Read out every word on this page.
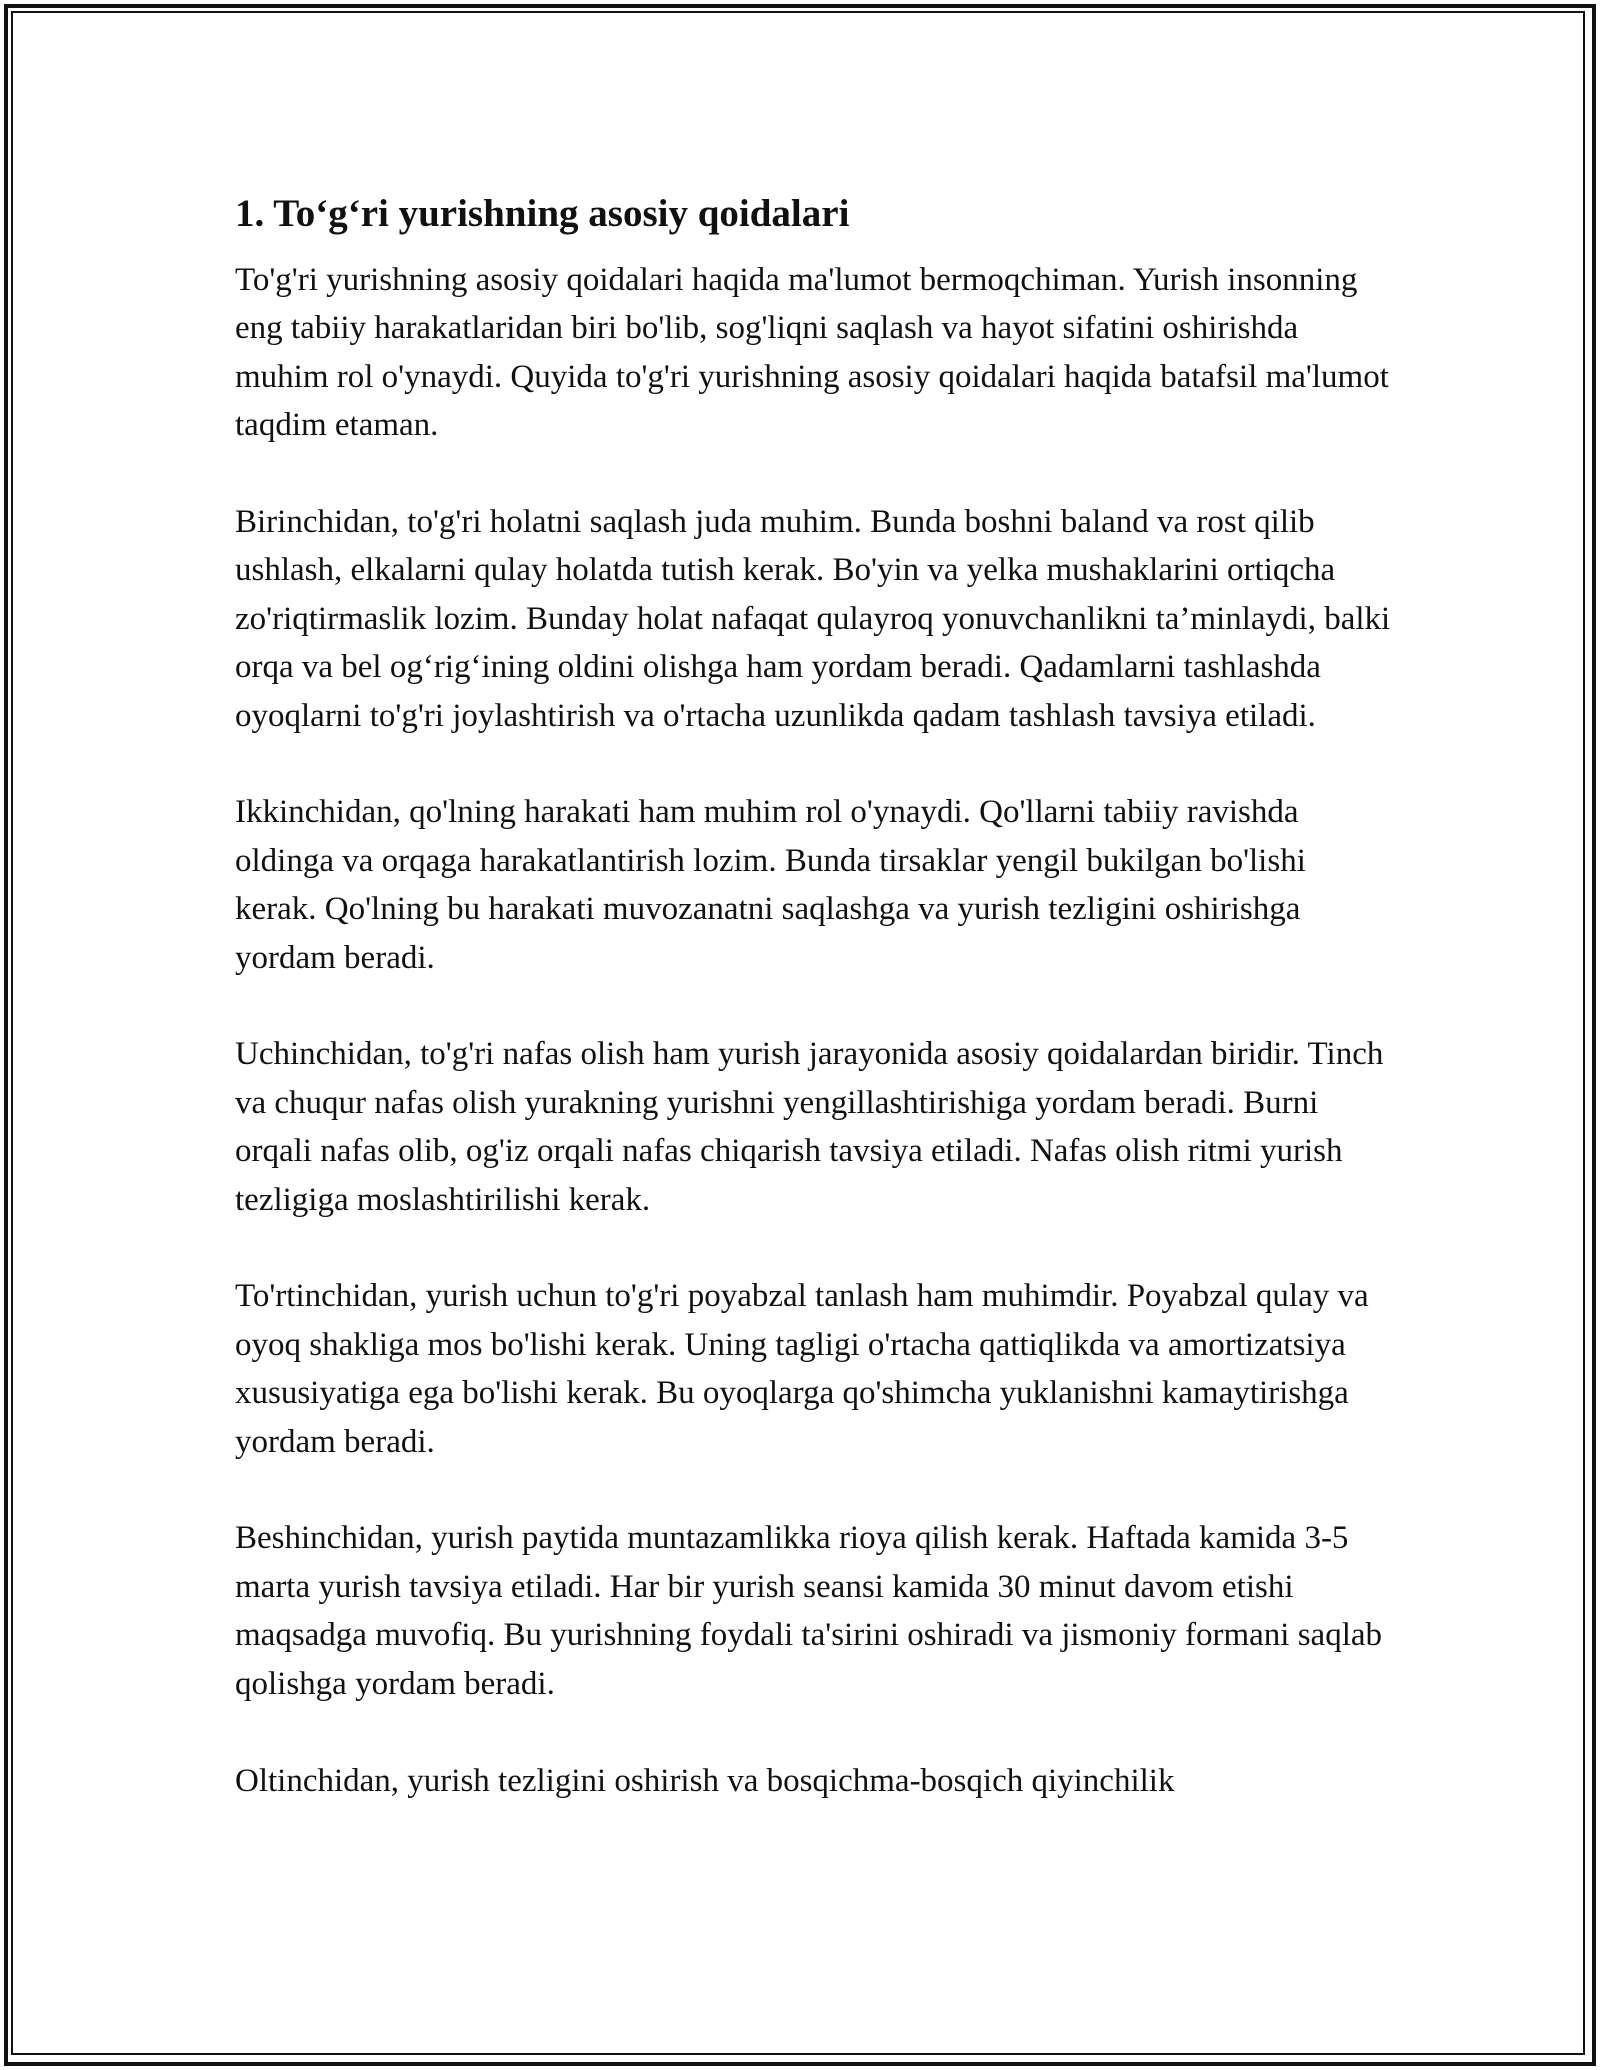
1. To‘g‘ri yurishning asosiy qoidalari

To'g'ri yurishning asosiy qoidalari haqida ma'lumot bermoqchiman. Yurish insonning eng tabiiy harakatlaridan biri bo'lib, sog'liqni saqlash va hayot sifatini oshirishda muhim rol o'ynaydi. Quyida to'g'ri yurishning asosiy qoidalari haqida batafsil ma'lumot taqdim etaman.

Birinchidan, to'g'ri holatni saqlash juda muhim. Bunda boshni baland va rost qilib ushlash, elkalarni qulay holatda tutish kerak. Bo'yin va yelka mushaklarini ortiqcha zo'riqtirmaslik lozim. Bunday holat nafaqat qulayroq yonuvchanlikni ta’minlaydi, balki orqa va bel og‘rig‘ining oldini olishga ham yordam beradi. Qadamlarni tashlashda oyoqlarni to'g'ri joylashtirish va o'rtacha uzunlikda qadam tashlash tavsiya etiladi.

Ikkinchidan, qo'lning harakati ham muhim rol o'ynaydi. Qo'llarni tabiiy ravishda oldinga va orqaga harakatlantirish lozim. Bunda tirsaklar yengil bukilgan bo'lishi kerak. Qo'lning bu harakati muvozanatni saqlashga va yurish tezligini oshirishga yordam beradi.

Uchinchidan, to'g'ri nafas olish ham yurish jarayonida asosiy qoidalardan biridir. Tinch va chuqur nafas olish yurakning yurishni yengillashtirishiga yordam beradi. Burni orqali nafas olib, og'iz orqali nafas chiqarish tavsiya etiladi. Nafas olish ritmi yurish tezligiga moslashtirilishi kerak.

To'rtinchidan, yurish uchun to'g'ri poyabzal tanlash ham muhimdir. Poyabzal qulay va oyoq shakliga mos bo'lishi kerak. Uning tagligi o'rtacha qattiqlikda va amortizatsiya xususiyatiga ega bo'lishi kerak. Bu oyoqlarga qo'shimcha yuklanishni kamaytirishga yordam beradi.

Beshinchidan, yurish paytida muntazamlikka rioya qilish kerak. Haftada kamida 3-5 marta yurish tavsiya etiladi. Har bir yurish seansi kamida 30 minut davom etishi maqsadga muvofiq. Bu yurishning foydali ta'sirini oshiradi va jismoniy formani saqlab qolishga yordam beradi.

Oltinchidan, yurish tezligini oshirish va bosqichma-bosqich qiyinchilik
